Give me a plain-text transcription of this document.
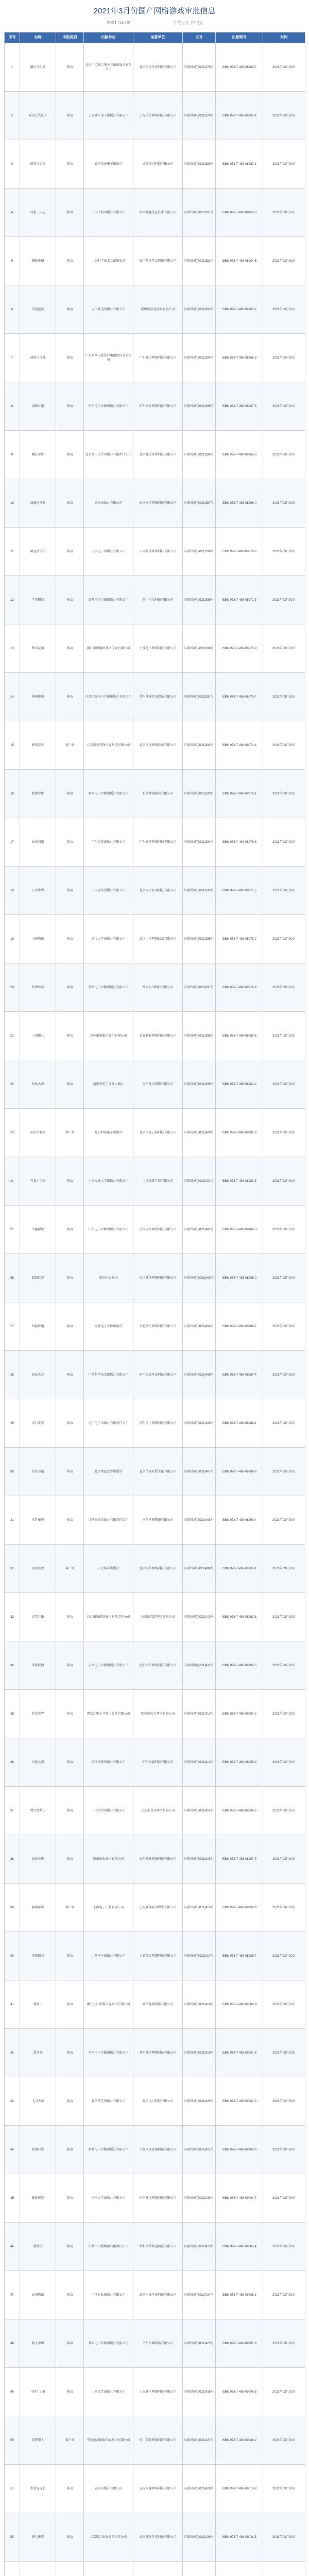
2021年3月份国产网络游戏审批信息
2021-04-02	字号 [大 中 小]
序号	名称	申报类别	出版单位	运营单位	文号	出版物号	时间
1	潮汐守望者	移动	北京中电联合电子音像出版社有限公司	北京星河互娱科技有限公司	国新出审[2021]378号	ISBN 978-7-498-08960-7	2021年03月30日
2	异次元大乱斗	移动	上海浦东电子出版社有限公司	上海乐鱼网络科技有限公司	国新出审[2021]379号	ISBN 978-7-498-08961-4	2021年03月30日
3	侠客风云传	移动	北京伯通电子出版社	成都墨羽科技有限公司	国新出审[2021]380号	ISBN 978-7-498-08962-1	2021年03月30日
4	幻想三国志	移动	中国书籍出版社有限公司	南京游趣信息技术有限公司	国新出审[2021]381号	ISBN 978-7-498-08963-8	2021年03月30日
5	猫咪庄园	移动	上海科学技术文献出版社	厦门萌宠互动网络有限公司	国新出审[2021]382号	ISBN 978-7-498-08964-5	2021年03月30日
6	星途远航	移动	人民邮电出版社有限公司	深圳市星途互娱有限公司	国新出审[2021]383号	ISBN 978-7-498-08965-2	2021年03月30日
7	消除大作战	移动	广州新华出版发行集团股份有限公司	广州趣玩网络科技有限公司	国新出审[2021]384号	ISBN 978-7-498-08966-9	2021年03月30日
8	剑影江湖	移动	杭州电子音像出版社有限公司	杭州剑影网络科技有限公司	国新出审[2021]385号	ISBN 978-7-498-08967-6	2021年03月30日
9	魔法学院	移动	北京理工大学出版社有限责任公司	北京魔灵互娱科技有限公司	国新出审[2021]386号	ISBN 978-7-498-08968-3	2021年03月30日
10	战舰指挥官	移动	海南出版社有限公司	海南海风网络科技有限公司	国新出审[2021]387号	ISBN 978-7-498-08969-0	2021年03月30日
11	萌宠消消乐	移动	天津电子出版社有限公司	天津萌动网络科技有限公司	国新出审[2021]388号	ISBN 978-7-498-08970-6	2021年03月30日
12	王者棋局	移动	成都电子音像出版社有限公司	四川棋乐科技有限公司	国新出审[2021]389号	ISBN 978-7-498-08971-3	2021年03月30日
13	梦幻花园	移动	浙江出版集团数字传媒有限公司	宁波花语网络科技有限公司	国新出审[2021]390号	ISBN 978-7-498-08972-0	2021年03月30日
14	神域传说	移动	江苏凤凰电子音像出版社有限公司	苏州神域互动娱乐有限公司	国新出审[2021]391号	ISBN 978-7-498-08973-7	2021年03月30日
15	极速赛车	客户端	北京新华先锋出版科技有限公司	北京疾速网络技术有限公司	国新出审[2021]392号	ISBN 978-7-498-08974-4	2021年03月30日
16	像素冒险	移动	湖南电子音像出版社有限公司	长沙像素游戏有限公司	国新出审[2021]393号	ISBN 978-7-498-08975-1	2021年03月30日
17	仙侠问道	移动	广东经济出版社有限公司	广州仙游网络科技有限公司	国新出审[2021]394号	ISBN 978-7-498-08976-8	2021年03月30日
18	方块世界	移动	中国青年出版社有限公司	北京方块互动科技有限公司	国新出审[2021]395号	ISBN 978-7-498-08977-5	2021年03月30日
19	小镇物语	移动	武汉大学出版社有限公司	武汉小镇网络技术有限公司	国新出审[2021]396号	ISBN 978-7-498-08978-2	2021年03月30日
20	机甲风暴	移动	陕西电子音像出版社有限公司	西安机甲科技有限公司	国新出审[2021]397号	ISBN 978-7-498-08979-9	2021年03月30日
21	三国霸业	移动	吉林出版集团股份有限公司	长春霸业网络科技有限公司	国新出审[2021]398号	ISBN 978-7-498-08980-5	2021年03月30日
22	钓鱼大师	移动	福建省电子音像出版社	福州渔乐网络有限公司	国新出审[2021]399号	ISBN 978-7-498-08981-2	2021年03月30日
23	星际争霸者	客户端	北京科海电子出版社	北京星际云游科技有限公司	国新出审[2021]400号	ISBN 978-7-498-08982-9	2021年03月30日
24	美食小当家	移动	上海交通大学出版社有限公司	上海美味互娱有限公司	国新出审[2021]401号	ISBN 978-7-498-08983-6	2021年03月30日
25	古墓探险	移动	山东电子音像出版社有限公司	济南探秘网络科技有限公司	国新出审[2021]402号	ISBN 978-7-498-08984-3	2021年03月30日
26	篮球巨星	移动	重庆出版集团	重庆球场网络科技有限公司	国新出审[2021]403号	ISBN 978-7-498-08985-0	2021年03月30日
27	西游降魔	移动	安徽电子音像出版社	合肥西行网络科技有限公司	国新出审[2021]404号	ISBN 978-7-498-08986-7	2021年03月30日
28	海岛大亨	移动	广西科学技术出版社有限公司	南宁海岛互动科技有限公司	国新出审[2021]405号	ISBN 978-7-498-08987-4	2021年03月30日
29	末日求生	移动	辽宁电子出版社有限责任公司	沈阳求生网络科技有限公司	国新出审[2021]406号	ISBN 978-7-498-08988-1	2021年03月30日
30	音乐节拍	移动	北京师范大学出版社	北京节奏互娱文化有限公司	国新出审[2021]407号	ISBN 978-7-498-08989-8	2021年03月30日
31	宫廷秘史	移动	江西高校出版社有限责任公司	南昌宫阙网络有限公司	国新出审[2021]408号	ISBN 978-7-498-08990-4	2021年03月30日
32	足球经理	客户端	人民体育出版社	北京绿茵网络科技有限公司	国新出审[2021]409号	ISBN 978-7-498-08991-1	2021年03月30日
33	忍者之路	移动	河北出版传媒集团有限责任公司	石家庄忍道网络有限公司	国新出审[2021]410号	ISBN 978-7-498-08992-8	2021年03月30日
34	塔防联盟	移动	云南电子音像出版社有限公司	昆明塔防网络科技有限公司	国新出审[2021]411号	ISBN 978-7-498-08993-5	2021年03月30日
35	恐龙世界	移动	黑龙江电子音像出版社有限公司	哈尔滨远古网络有限公司	国新出审[2021]412号	ISBN 978-7-498-08994-2	2021年03月30日
36	天使之翼	移动	浙江摄影出版社有限公司	杭州羽翼科技有限公司	国新出审[2021]413号	ISBN 978-7-498-08995-9	2021年03月30日
37	餐厅经营记	移动	中国纺织出版社有限公司	北京小食光网络有限公司	国新出审[2021]414号	ISBN 978-7-498-08996-6	2021年03月30日
38	武林外传	移动	贵州出版集团有限公司	贵阳武林网络科技有限公司	国新出审[2021]415号	ISBN 978-7-498-08997-3	2021年03月30日
39	赛博都市	客户端	上海电子出版有限公司	上海赛博互动娱乐有限公司	国新出审[2021]416号	ISBN 978-7-498-08998-0	2021年03月30日
40	宠物精灵	移动	山西电子出版社有限公司	太原精灵网络科技有限公司	国新出审[2021]417号	ISBN 978-7-498-08999-7	2021年03月30日
41	龙骑士	移动	湖北长江出版传媒集团有限公司	宜昌龙骑网络有限公司	国新出审[2021]418号	ISBN 978-7-498-09000-9	2021年03月30日
42	爱消除	移动	河南电子音像出版社有限公司	郑州趣消网络科技有限公司	国新出审[2021]419号	ISBN 978-7-498-09001-6	2021年03月30日
43	飞刀大师	移动	北京华艺出版社有限公司	北京飞刃科技有限公司	国新出审[2021]420号	ISBN 978-7-498-09002-3	2021年03月30日
44	部落冲锋	移动	新疆电子音像出版社有限公司	乌鲁木齐部落网络有限公司	国新出审[2021]421号	ISBN 978-7-498-09003-0	2021年03月30日
45	解谜密室	移动	南京大学出版社有限公司	南京谜境网络科技有限公司	国新出审[2021]422号	ISBN 978-7-498-09004-7	2021年03月30日
46	修仙传	移动	内蒙古出版集团有限责任公司	呼和浩特仙途网络有限公司	国新出审[2021]423号	ISBN 978-7-498-09005-4	2021年03月30日
47	农场物语	移动	中国农业出版社有限公司	北京田园互娱科技有限公司	国新出审[2021]424号	ISBN 978-7-498-09006-1	2021年03月30日
48	骑士荣耀	移动	甘肃电子音像出版社有限公司	兰州荣耀网络有限公司	国新出审[2021]425号	ISBN 978-7-498-09007-8	2021年03月30日
49	斗地主大赛	移动	上海文艺出版社有限公司	上海牌乐网络科技有限公司	国新出审[2021]426号	ISBN 978-7-498-09008-5	2021年03月30日
50	荒野猎人	客户端	宁夏黄河出版传媒集团有限公司	银川荒野网络科技有限公司	国新出审[2021]427号	ISBN 978-7-498-09009-2	2021年03月30日
51	水果连连看	移动	青岛出版社有限公司	青岛果趣网络科技有限公司	国新出审[2021]428号	ISBN 978-7-498-09010-8	2021年03月30日
52	神兵传奇	移动	北京联合出版有限责任公司	北京神兵互娱科技有限公司	国新出审[2021]429号	ISBN 978-7-498-09011-5	2021年03月30日
